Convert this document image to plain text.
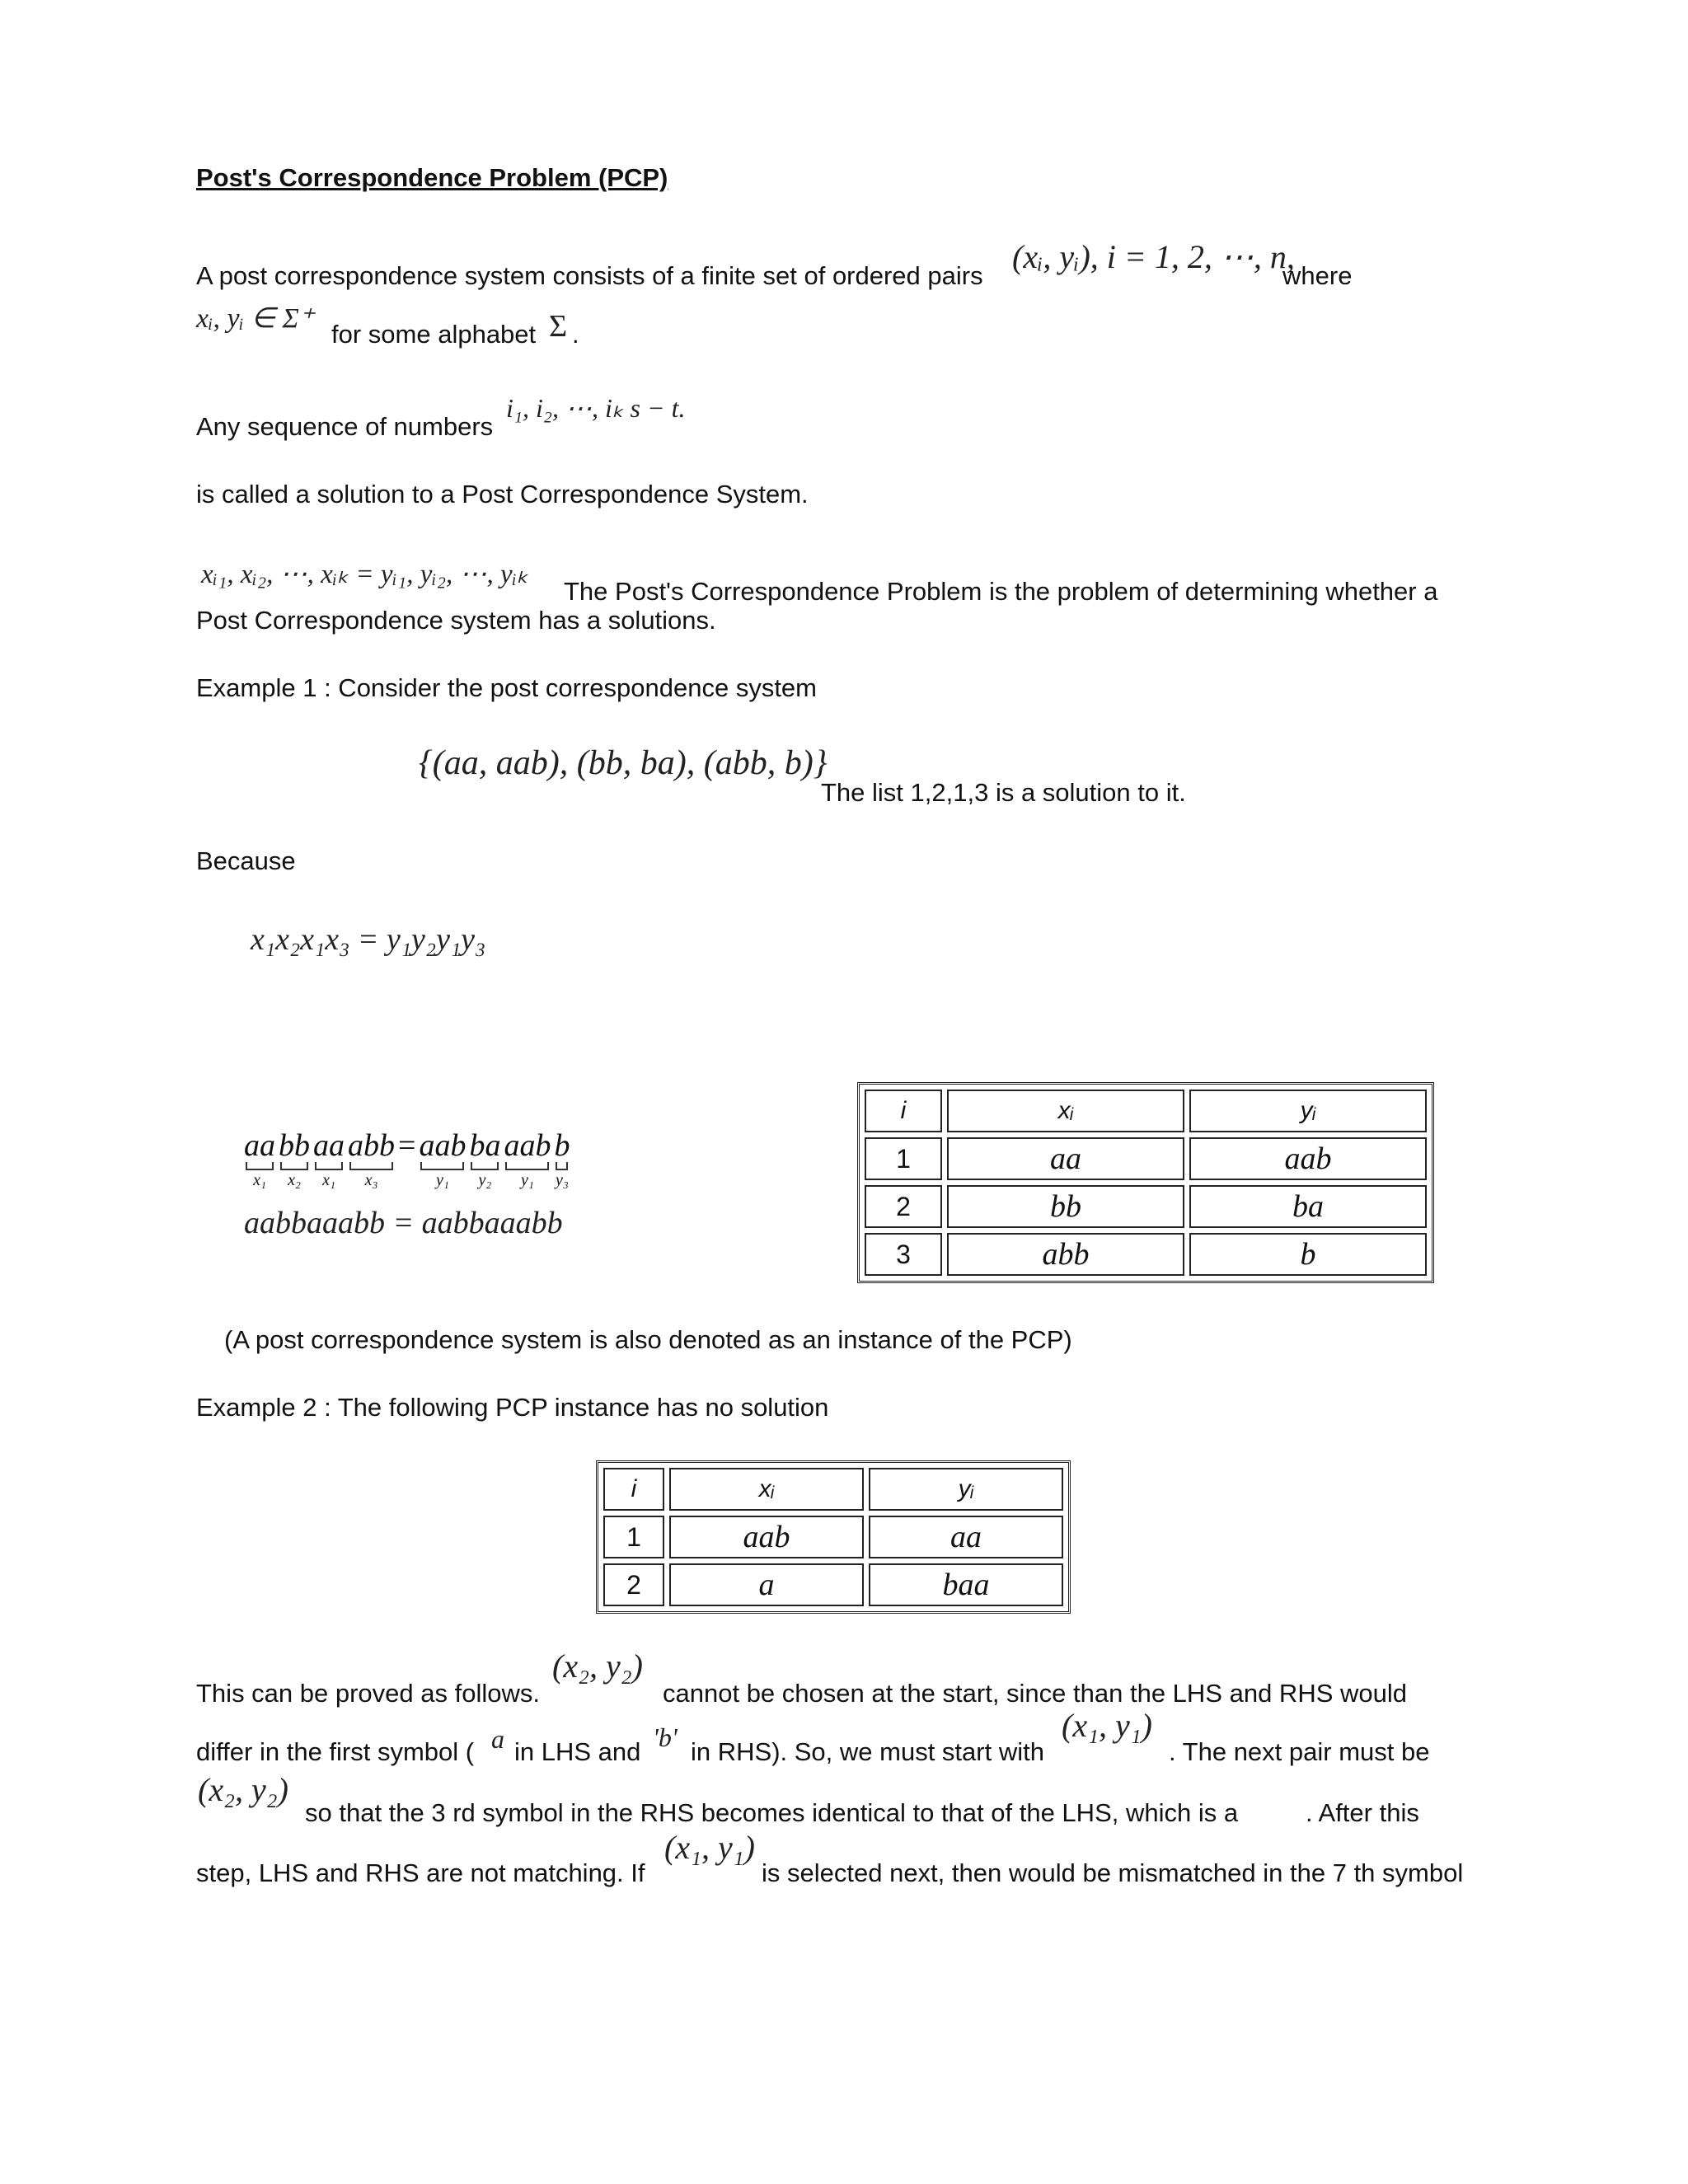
Post's Correspondence Problem (PCP)
A post correspondence system consists of a finite set of ordered pairs
(xᵢ, yᵢ), i = 1, 2, ⋯, n,
where
xᵢ, yᵢ ∈ Σ⁺
for some alphabet Σ .
Any sequence of numbers
i₁, i₂, ⋯, iₖ s − t.
is called a solution to a Post Correspondence System.
xᵢ₁, xᵢ₂, ⋯, xᵢₖ = yᵢ₁, yᵢ₂, ⋯, yᵢₖ
The Post's Correspondence Problem is the problem of determining whether a
Post Correspondence system has a solutions.
Example 1 : Consider the post correspondence system
{(aa, aab), (bb, ba), (abb, b)}
The list 1,2,1,3 is a solution to it.
Because
x₁x₂x₁x₃ = y₁y₂y₁y₃
aa
x₁

bb
x₂

aa
x₁

abb
x₃

=
aab
y₁

ba
y₂

aab
y₁

b
y₃
aabbaaabb = aabbaaabb
i	xᵢ	yᵢ
1	aa	aab
2	bb	ba
3	abb	b
(A post correspondence system is also denoted as an instance of the PCP)
Example 2 : The following PCP instance has no solution
i	xᵢ	yᵢ
1	aab	aa
2	a	baa
This can be proved as follows.
(x₂, y₂)
cannot be chosen at the start, since than the LHS and RHS would
differ in the first symbol ( a in LHS and 'b' in RHS). So, we must start with
(x₁, y₁)
. The next pair must be
(x₂, y₂)
so that the 3 rd symbol in the RHS becomes identical to that of the LHS, which is a	. After this
step, LHS and RHS are not matching. If
(x₁, y₁)
is selected next, then would be mismatched in the 7 th symbol
